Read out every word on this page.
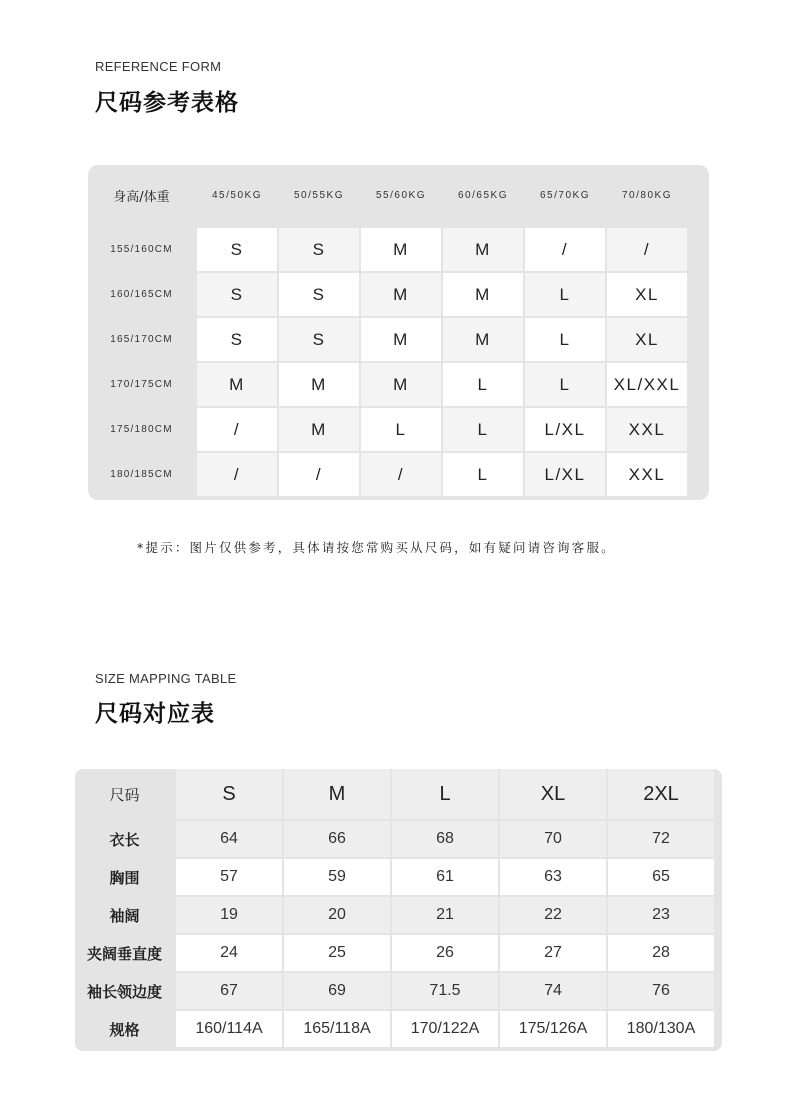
REFERENCE FORM
尺码参考表格
身高/体重	45/50KG	50/55KG	55/60KG	60/65KG	65/70KG	70/80KG
155/160CM	S	S	M	M	/	/
160/165CM	S	S	M	M	L	XL
165/170CM	S	S	M	M	L	XL
170/175CM	M	M	M	L	L	XL/XXL
175/180CM	/	M	L	L	L/XL	XXL
180/185CM	/	/	/	L	L/XL	XXL
*提示：图片仅供参考，具体请按您常购买从尺码，如有疑问请咨询客服。
SIZE MAPPING TABLE
尺码对应表
尺码	S	M	L	XL	2XL
衣长	64	66	68	70	72
胸围	57	59	61	63	65
袖阔	19	20	21	22	23
夹阔垂直度	24	25	26	27	28
袖长领边度	67	69	71.5	74	76
规格	160/114A	165/118A	170/122A	175/126A	180/130A
